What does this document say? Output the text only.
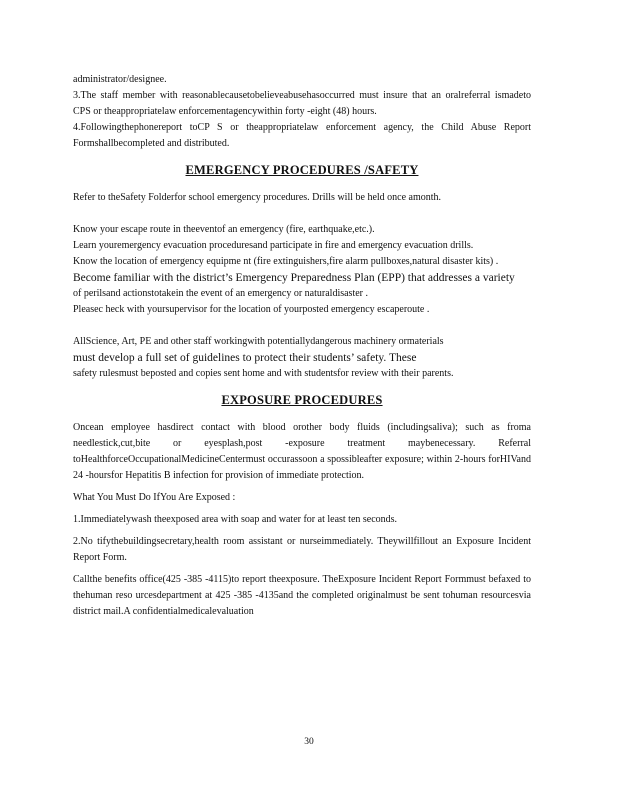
administrator/designee.

3.The staff member with reasonablecausetobelieveabusehasoccurred must insure that an oralreferral ismadeto CPS or theappropriatelaw enforcementagencywithin forty -eight (48) hours.

4.Followingthephonereport toCP S or theappropriatelaw enforcement agency, the Child Abuse Report Formshallbecompleted and distributed.

EMERGENCY PROCEDURES /SAFETY

Refer to theSafety Folderfor school emergency procedures. Drills will be held once amonth.

Know your escape route in theeventof an emergency (fire, earthquake,etc.).

Learn youremergency evacuation proceduresand participate in fire and emergency evacuation drills.

Know the location of emergency equipme nt (fire extinguishers,fire alarm pullboxes,natural disaster kits) .

Become familiar with the district’s Emergency Preparedness Plan (EPP) that addresses a variety

of perilsand actionstotakein the event of an emergency or naturaldisaster .

Pleasec heck with yoursupervisor for the location of yourposted emergency escaperoute .

AllScience, Art, PE and other staff workingwith potentiallydangerous machinery ormaterials

must develop a full set of guidelines to protect their students’ safety. These

safety rulesmust beposted and copies sent home and with studentsfor review with their parents.

EXPOSURE PROCEDURES

Oncean employee hasdirect contact with blood orother body fluids (includingsaliva); such as froma needlestick,cut,bite or eyesplash,post -exposure treatment maybenecessary. Referral toHealthforceOccupationalMedicineCentermust occurassoon a spossibleafter exposure; within 2-hours forHIVand 24 -hoursfor Hepatitis B infection for provision of immediate protection.

What You Must Do IfYou Are Exposed :

1.Immediatelywash theexposed area with soap and water for at least ten seconds.

2.No tifythebuildingsecretary,health room assistant or nurseimmediately. Theywillfillout an Exposure Incident Report Form.

Callthe benefits office(425 -385 -4115)to report theexposure. TheExposure Incident Report Formmust befaxed to thehuman reso urcesdepartment at 425 -385 -4135and the completed originalmust be sent tohuman resourcesvia district mail.A confidentialmedicalevaluation

30
